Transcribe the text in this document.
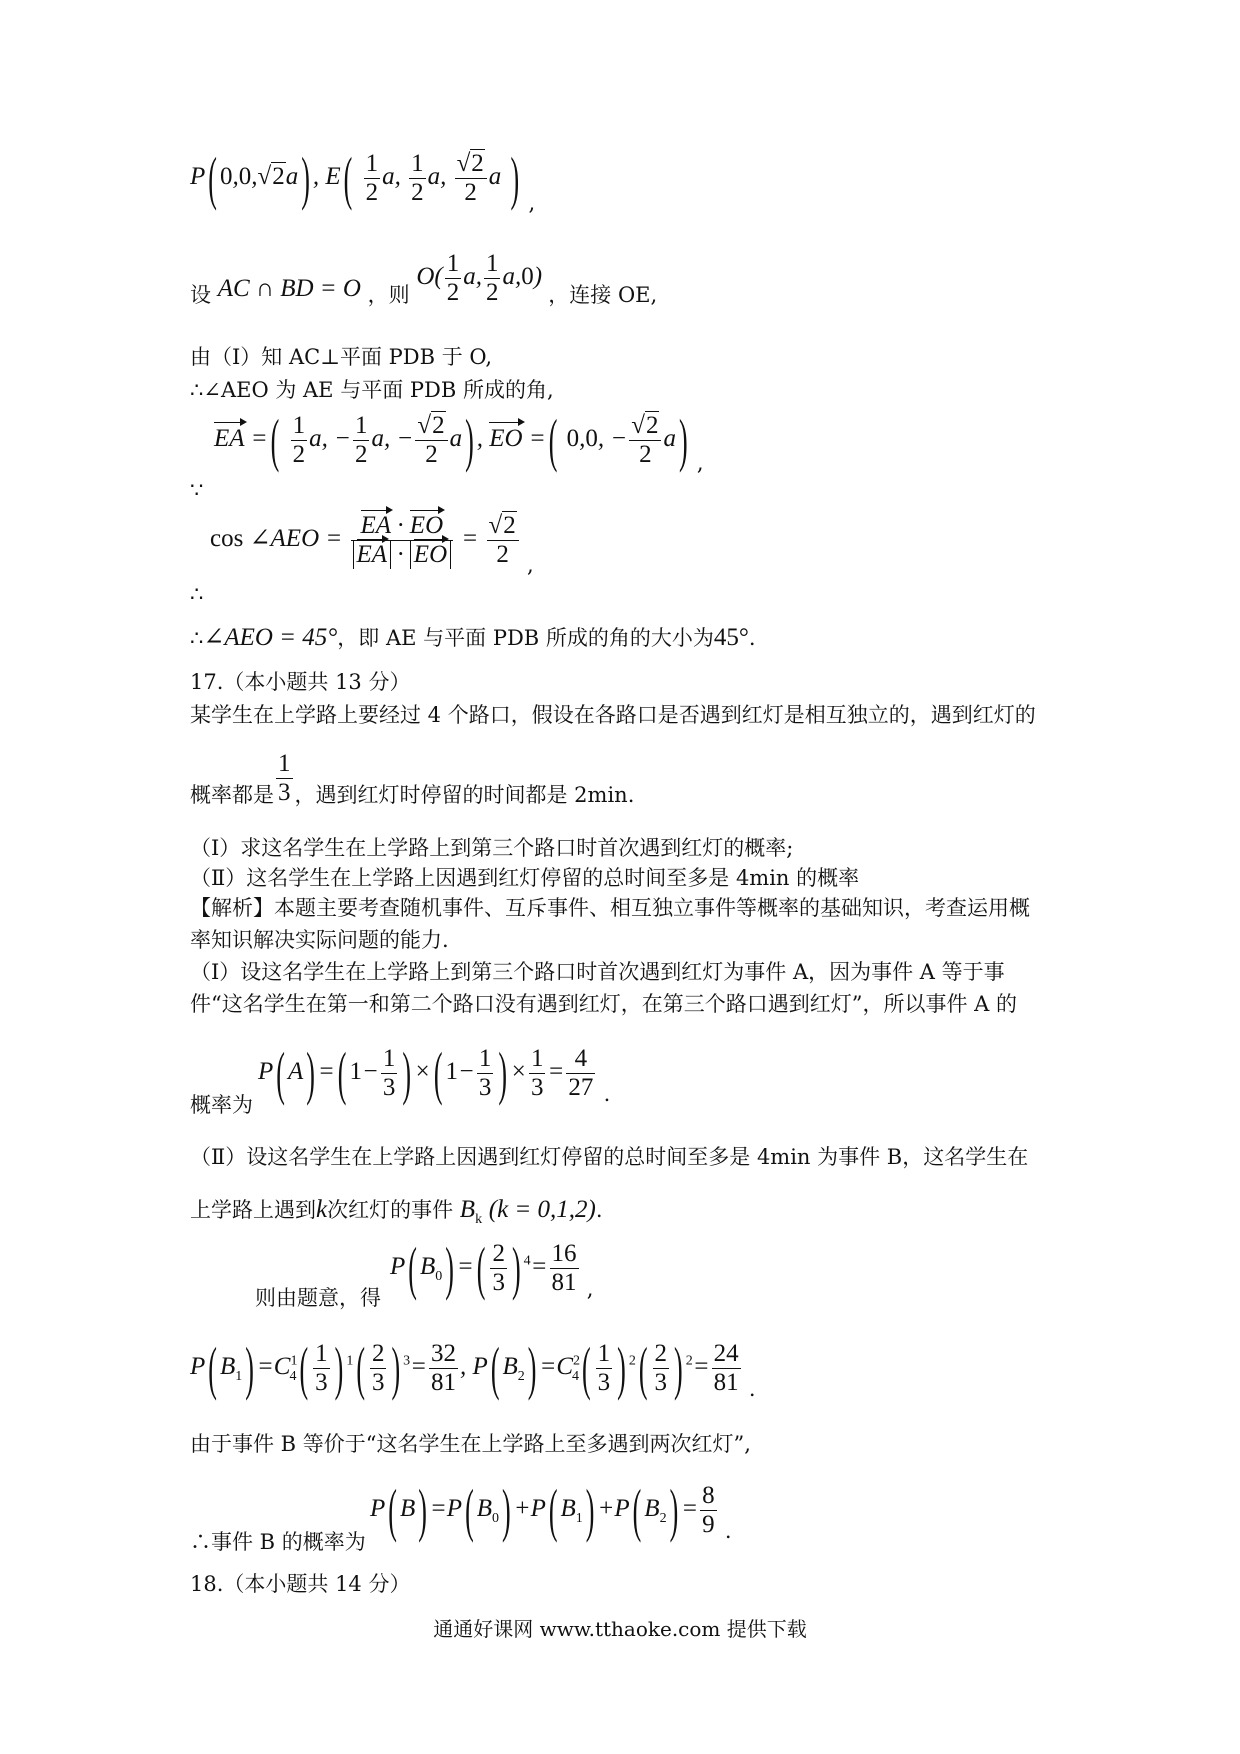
P ( 0,0,√2a ) , E ( $\frac{1}{2} a$, $\frac{1}{2} a$, $\frac{√2}{2}$ a ) ,
设 AC ∩ BD = O ，则 $O( \frac{1}{2} a$, $\frac{1}{2} a,0$) ，连接 OE,
由（Ⅰ）知 AC⊥平面 PDB 于 O,
∴∠AEO 为 AE 与平面 PDB 所成的角,
∵
EA = ( $\frac{1}{2} a$, − $\frac{1}{2} a$, − $\frac{√2}{2}$ a ) , EO = ( 0,0, − $\frac{√2}{2}$ a ) ,
∴
cos ∠AEO = $\frac{EA \cdot EO}{EA \cdot EO} = \frac{√2}{2}$ ,
∴∠AEO = 45°，即 AE 与平面 PDB 所成的角的大小为45°.
17.（本小题共 13 分）
某学生在上学路上要经过 4 个路口，假设在各路口是否遇到红灯是相互独立的，遇到红灯的
概率都是 $\frac{1}{3}$ ，遇到红灯时停留的时间都是 2min.
（Ⅰ）求这名学生在上学路上到第三个路口时首次遇到红灯的概率;
（Ⅱ）这名学生在上学路上因遇到红灯停留的总时间至多是 4min 的概率
【解析】本题主要考查随机事件、互斥事件、相互独立事件等概率的基础知识，考查运用概
率知识解决实际问题的能力.
（Ⅰ）设这名学生在上学路上到第三个路口时首次遇到红灯为事件 A，因为事件 A 等于事
件“这名学生在第一和第二个路口没有遇到红灯，在第三个路口遇到红灯”，所以事件 A 的
概率为
P ( A ) = ( $1- \frac{1}{3}$ ) × ( $1- \frac{1}{3}$ ) × $\frac{1}{3} = \frac{4}{27}$ .
（Ⅱ）设这名学生在上学路上因遇到红灯停留的总时间至多是 4min 为事件 B，这名学生在
上学路上遇到k次红灯的事件 $B_k$ (k = 0,1,2).
则由题意，得
P ( $B_0$ ) = ( $\frac{2}{3}$ ) $^4= \frac{16}{81}$ ,
P ( $B_1$ ) $=C^1_4$ ( $\frac{1}{3}$ ) $^1$ ( $\frac{2}{3}$ ) $^3= \frac{32}{81}$ , P ( $B_2$ ) $=C^2_4$ ( $\frac{1}{3}$ ) $^2$ ( $\frac{2}{3}$ ) $^2= \frac{24}{81}$ .
由于事件 B 等价于“这名学生在上学路上至多遇到两次红灯”,
∴事件 B 的概率为
P ( B ) =P ( $B_0$ ) +P ( $B_1$ ) +P ( $B_2$ ) = $\frac{8}{9}$ .
18.（本小题共 14 分）
通通好课网 www.tthaoke.com 提供下载
